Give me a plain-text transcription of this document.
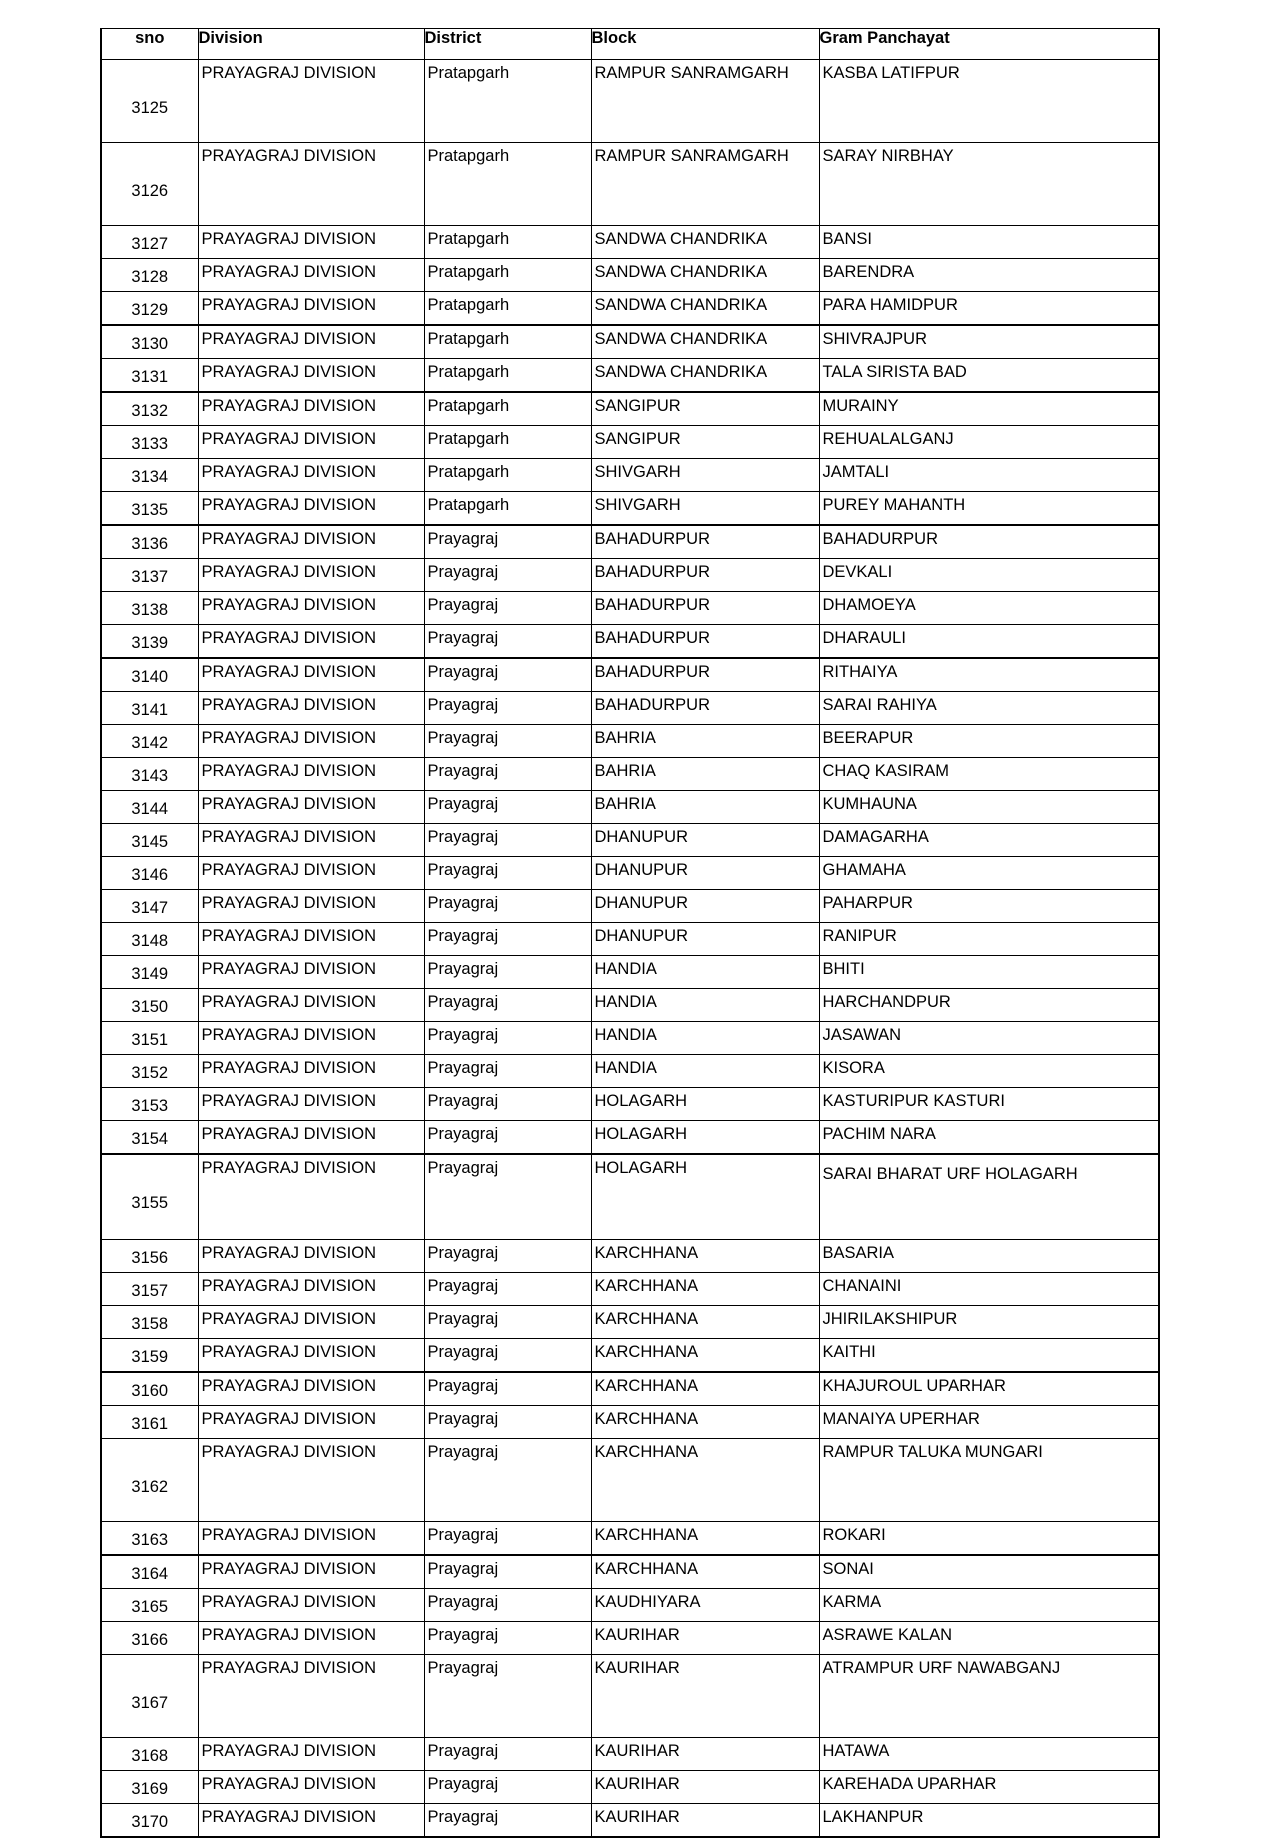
sno	Division	District	Block	Gram Panchayat
3125	PRAYAGRAJ DIVISION	Pratapgarh	RAMPUR SANRAMGARH	KASBA LATIFPUR
3126	PRAYAGRAJ DIVISION	Pratapgarh	RAMPUR SANRAMGARH	SARAY NIRBHAY
3127	PRAYAGRAJ DIVISION	Pratapgarh	SANDWA CHANDRIKA	BANSI
3128	PRAYAGRAJ DIVISION	Pratapgarh	SANDWA CHANDRIKA	BARENDRA
3129	PRAYAGRAJ DIVISION	Pratapgarh	SANDWA CHANDRIKA	PARA HAMIDPUR
3130	PRAYAGRAJ DIVISION	Pratapgarh	SANDWA CHANDRIKA	SHIVRAJPUR
3131	PRAYAGRAJ DIVISION	Pratapgarh	SANDWA CHANDRIKA	TALA SIRISTA BAD
3132	PRAYAGRAJ DIVISION	Pratapgarh	SANGIPUR	MURAINY
3133	PRAYAGRAJ DIVISION	Pratapgarh	SANGIPUR	REHUALALGANJ
3134	PRAYAGRAJ DIVISION	Pratapgarh	SHIVGARH	JAMTALI
3135	PRAYAGRAJ DIVISION	Pratapgarh	SHIVGARH	PUREY MAHANTH
3136	PRAYAGRAJ DIVISION	Prayagraj	BAHADURPUR	BAHADURPUR
3137	PRAYAGRAJ DIVISION	Prayagraj	BAHADURPUR	DEVKALI
3138	PRAYAGRAJ DIVISION	Prayagraj	BAHADURPUR	DHAMOEYA
3139	PRAYAGRAJ DIVISION	Prayagraj	BAHADURPUR	DHARAULI
3140	PRAYAGRAJ DIVISION	Prayagraj	BAHADURPUR	RITHAIYA
3141	PRAYAGRAJ DIVISION	Prayagraj	BAHADURPUR	SARAI RAHIYA
3142	PRAYAGRAJ DIVISION	Prayagraj	BAHRIA	BEERAPUR
3143	PRAYAGRAJ DIVISION	Prayagraj	BAHRIA	CHAQ KASIRAM
3144	PRAYAGRAJ DIVISION	Prayagraj	BAHRIA	KUMHAUNA
3145	PRAYAGRAJ DIVISION	Prayagraj	DHANUPUR	DAMAGARHA
3146	PRAYAGRAJ DIVISION	Prayagraj	DHANUPUR	GHAMAHA
3147	PRAYAGRAJ DIVISION	Prayagraj	DHANUPUR	PAHARPUR
3148	PRAYAGRAJ DIVISION	Prayagraj	DHANUPUR	RANIPUR
3149	PRAYAGRAJ DIVISION	Prayagraj	HANDIA	BHITI
3150	PRAYAGRAJ DIVISION	Prayagraj	HANDIA	HARCHANDPUR
3151	PRAYAGRAJ DIVISION	Prayagraj	HANDIA	JASAWAN
3152	PRAYAGRAJ DIVISION	Prayagraj	HANDIA	KISORA
3153	PRAYAGRAJ DIVISION	Prayagraj	HOLAGARH	KASTURIPUR KASTURI
3154	PRAYAGRAJ DIVISION	Prayagraj	HOLAGARH	PACHIM NARA
3155	PRAYAGRAJ DIVISION	Prayagraj	HOLAGARH	SARAI BHARAT URF HOLAGARH
3156	PRAYAGRAJ DIVISION	Prayagraj	KARCHHANA	BASARIA
3157	PRAYAGRAJ DIVISION	Prayagraj	KARCHHANA	CHANAINI
3158	PRAYAGRAJ DIVISION	Prayagraj	KARCHHANA	JHIRILAKSHIPUR
3159	PRAYAGRAJ DIVISION	Prayagraj	KARCHHANA	KAITHI
3160	PRAYAGRAJ DIVISION	Prayagraj	KARCHHANA	KHAJUROUL UPARHAR
3161	PRAYAGRAJ DIVISION	Prayagraj	KARCHHANA	MANAIYA UPERHAR
3162	PRAYAGRAJ DIVISION	Prayagraj	KARCHHANA	RAMPUR TALUKA MUNGARI
3163	PRAYAGRAJ DIVISION	Prayagraj	KARCHHANA	ROKARI
3164	PRAYAGRAJ DIVISION	Prayagraj	KARCHHANA	SONAI
3165	PRAYAGRAJ DIVISION	Prayagraj	KAUDHIYARA	KARMA
3166	PRAYAGRAJ DIVISION	Prayagraj	KAURIHAR	ASRAWE KALAN
3167	PRAYAGRAJ DIVISION	Prayagraj	KAURIHAR	ATRAMPUR URF NAWABGANJ
3168	PRAYAGRAJ DIVISION	Prayagraj	KAURIHAR	HATAWA
3169	PRAYAGRAJ DIVISION	Prayagraj	KAURIHAR	KAREHADA UPARHAR
3170	PRAYAGRAJ DIVISION	Prayagraj	KAURIHAR	LAKHANPUR
